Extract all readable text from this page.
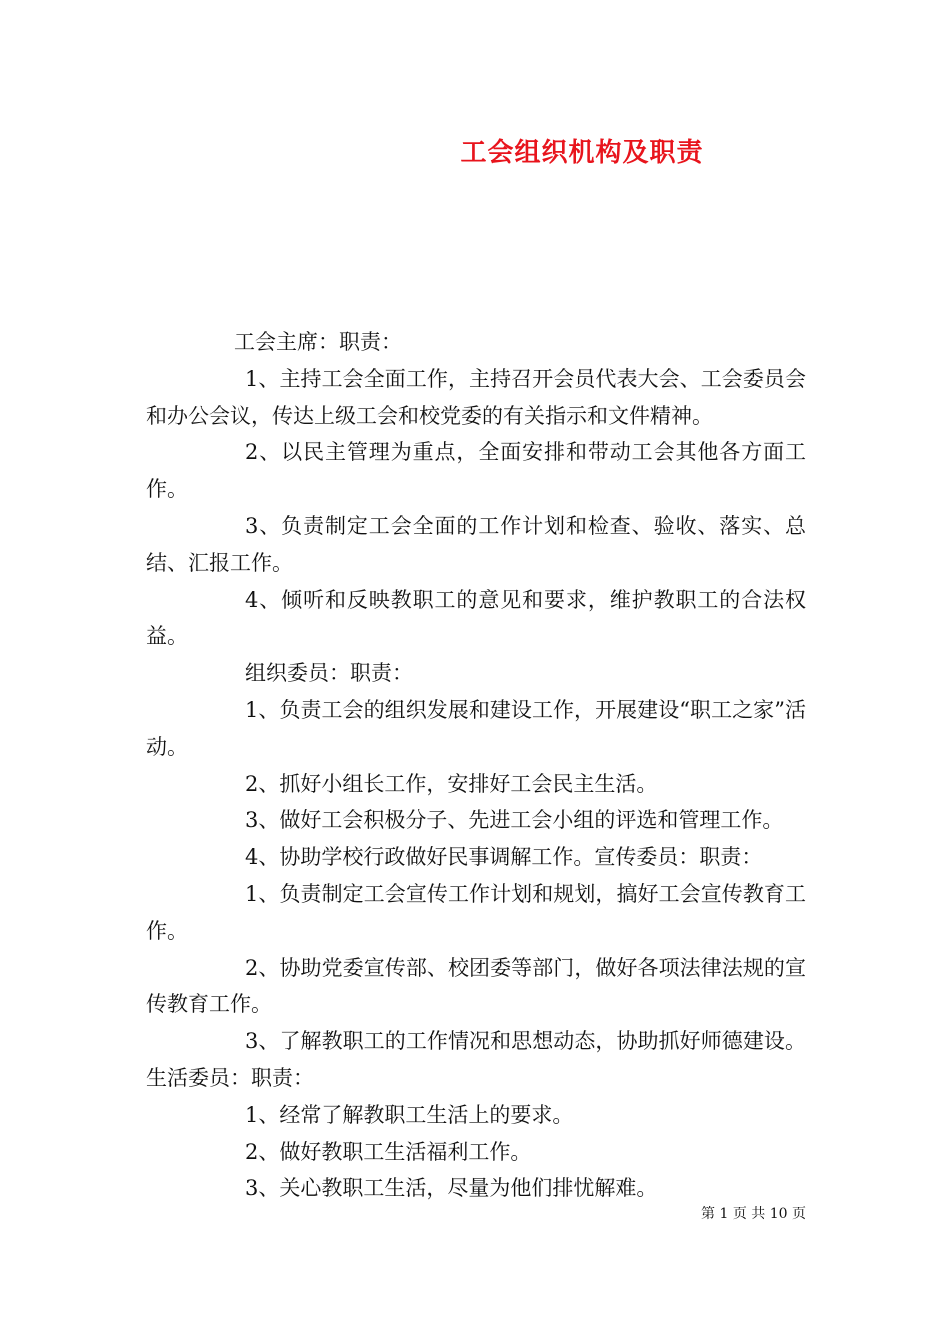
工会组织机构及职责

工会主席：职责：

1、主持工会全面工作，主持召开会员代表大会、工会委员会和办公会议，传达上级工会和校党委的有关指示和文件精神。

2、以民主管理为重点，全面安排和带动工会其他各方面工作。

3、负责制定工会全面的工作计划和检查、验收、落实、总结、汇报工作。

4、倾听和反映教职工的意见和要求，维护教职工的合法权益。

组织委员：职责：

1、负责工会的组织发展和建设工作，开展建设“职工之家”活动。

2、抓好小组长工作，安排好工会民主生活。

3、做好工会积极分子、先进工会小组的评选和管理工作。

4、协助学校行政做好民事调解工作。宣传委员：职责：

1、负责制定工会宣传工作计划和规划，搞好工会宣传教育工作。

2、协助党委宣传部、校团委等部门，做好各项法律法规的宣传教育工作。

3、了解教职工的工作情况和思想动态，协助抓好师德建设。生活委员：职责：

1、经常了解教职工生活上的要求。

2、做好教职工生活福利工作。

3、关心教职工生活，尽量为他们排忧解难。

第 1 页 共 10 页
